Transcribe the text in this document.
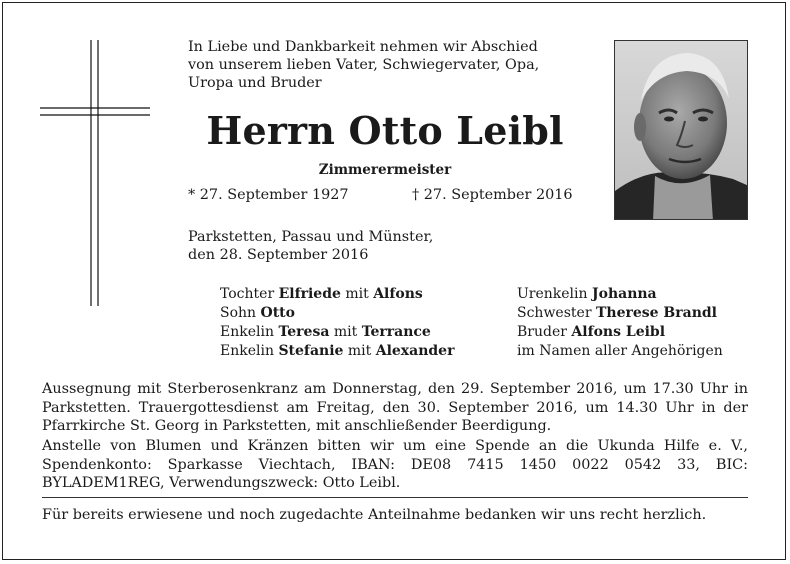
In Liebe und Dankbarkeit nehmen wir Abschied
von unserem lieben Vater, Schwiegervater, Opa,
Uropa und Bruder
Herrn Otto Leibl
Zimmerermeister
* 27. September 1927	† 27. September 2016
Parkstetten, Passau und Münster,
den 28. September 2016
Tochter Elfriede mit Alfons
Sohn Otto
Enkelin Teresa mit Terrance
Enkelin Stefanie mit Alexander
Urenkelin Johanna
Schwester Therese Brandl
Bruder Alfons Leibl
im Namen aller Angehörigen
Aussegnung mit Sterberosenkranz am Donnerstag, den 29. September 2016, um 17.30 Uhr in Parkstetten. Trauergottesdienst am Freitag, den 30. September 2016, um 14.30 Uhr in der Pfarrkirche St. Georg in Parkstetten, mit anschließender Beerdigung.
Anstelle von Blumen und Kränzen bitten wir um eine Spende an die Ukunda Hilfe e. V., Spendenkonto: Sparkasse Viechtach, IBAN: DE08 7415 1450 0022 0542 33, BIC: BYLADEM1REG, Verwendungszweck: Otto Leibl.
Für bereits erwiesene und noch zugedachte Anteilnahme bedanken wir uns recht herzlich.
